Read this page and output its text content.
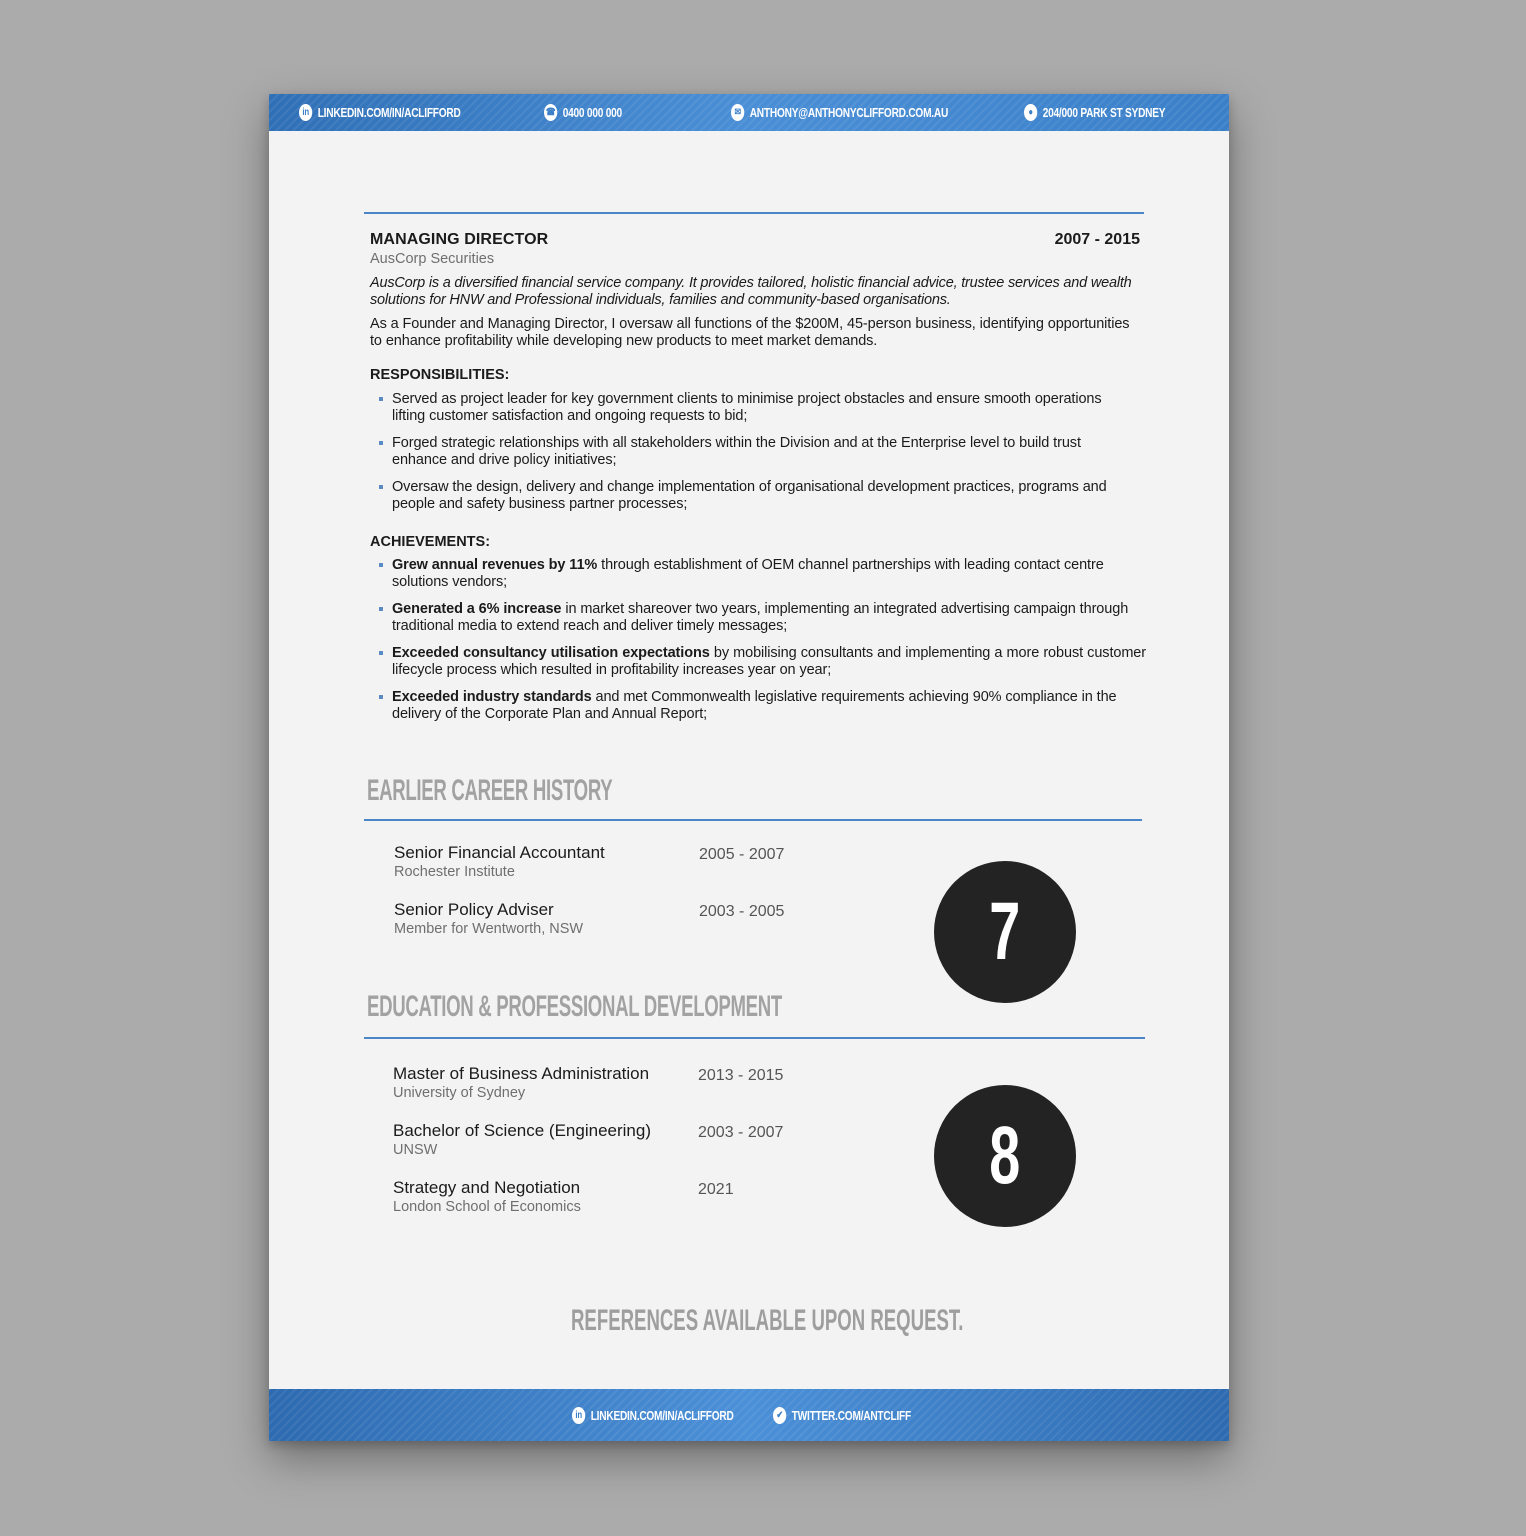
in LINKEDIN.COM/IN/ACLIFFORD	☎ 0400 000 000	✉ ANTHONY@ANTHONYCLIFFORD.COM.AU	● 204/000 PARK ST SYDNEY
MANAGING DIRECTOR	2007 - 2015
AusCorp Securities
AusCorp is a diversified financial service company. It provides tailored, holistic financial advice, trustee services and wealth solutions for HNW and Professional individuals, families and community-based organisations.
As a Founder and Managing Director, I oversaw all functions of the $200M, 45-person business, identifying opportunities to enhance profitability while developing new products to meet market demands.
RESPONSIBILITIES:
Served as project leader for key government clients to minimise project obstacles and ensure smooth operations lifting customer satisfaction and ongoing requests to bid;
Forged strategic relationships with all stakeholders within the Division and at the Enterprise level to build trust enhance and drive policy initiatives;
Oversaw the design, delivery and change implementation of organisational development practices, programs and people and safety business partner processes;
ACHIEVEMENTS:
Grew annual revenues by 11% through establishment of OEM channel partnerships with leading contact centre solutions vendors;
Generated a 6% increase in market shareover two years, implementing an integrated advertising campaign through traditional media to extend reach and deliver timely messages;
Exceeded consultancy utilisation expectations by mobilising consultants and implementing a more robust customer lifecycle process which resulted in profitability increases year on year;
Exceeded industry standards and met Commonwealth legislative requirements achieving 90% compliance in the delivery of the Corporate Plan and Annual Report;
EARLIER CAREER HISTORY
Senior Financial Accountant
Rochester Institute
2005 - 2007
Senior Policy Adviser
Member for Wentworth, NSW
2003 - 2005	7
EDUCATION & PROFESSIONAL DEVELOPMENT
Master of Business Administration
University of Sydney
2013 - 2015
Bachelor of Science (Engineering)
UNSW
2003 - 2007
Strategy and Negotiation
London School of Economics
2021	8
REFERENCES AVAILABLE UPON REQUEST.
in LINKEDIN.COM/IN/ACLIFFORD	✔ TWITTER.COM/ANTCLIFF
